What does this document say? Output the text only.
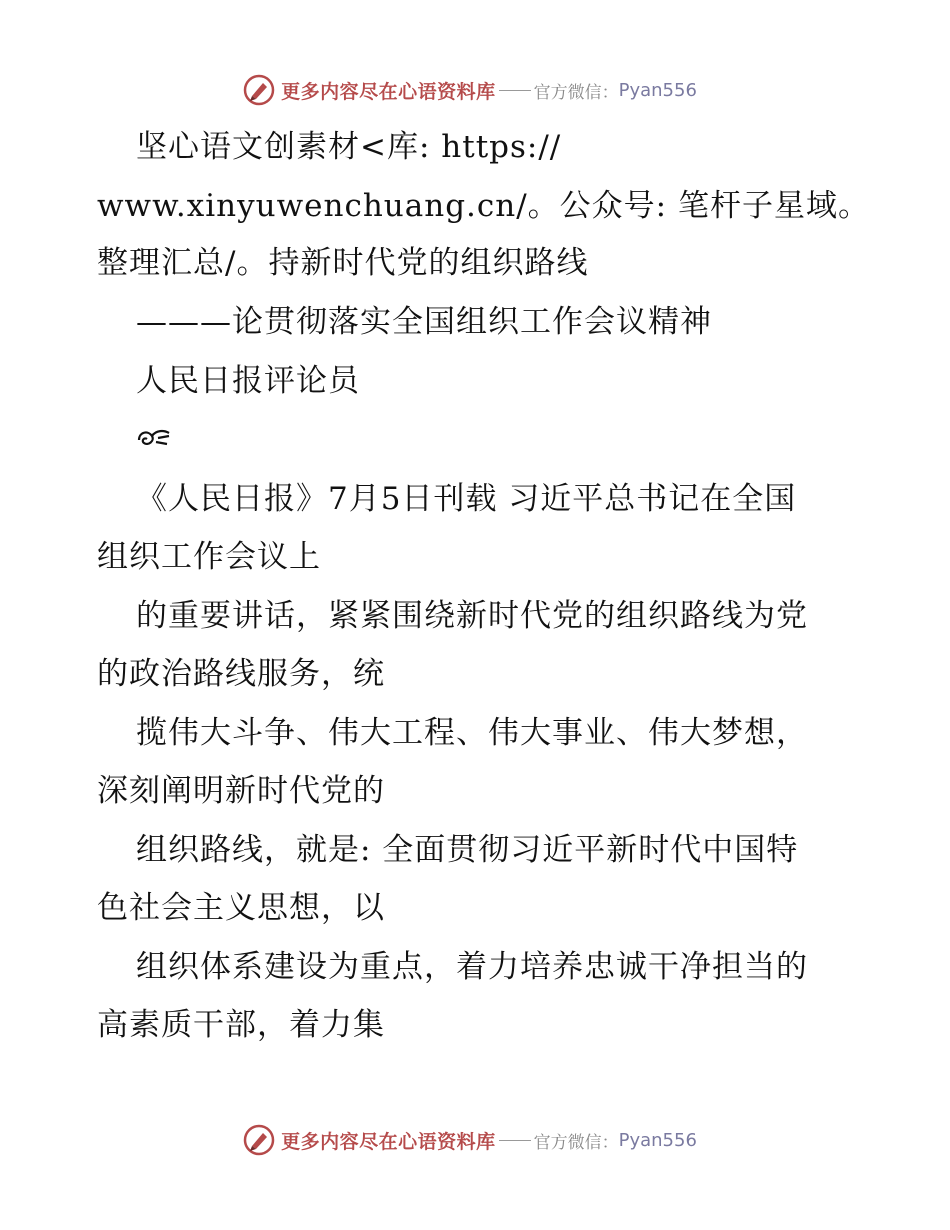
更多内容尽在心语资料库 官方微信： Pyan556
坚心语文创素材<库: https://
www.xinyuwenchuang.cn/。公众号: 笔杆子星域。
整理汇总/。持新时代党的组织路线
———论贯彻落实全国组织工作会议精神
人民日报评论员
《人民日报》7月5日刊载 习近平总书记在全国
组织工作会议上
的重要讲话，紧紧围绕新时代党的组织路线为党
的政治路线服务，统
揽伟大斗争、伟大工程、伟大事业、伟大梦想，
深刻阐明新时代党的
组织路线，就是: 全面贯彻习近平新时代中国特
色社会主义思想，以
组织体系建设为重点，着力培养忠诚干净担当的
高素质干部，着力集
更多内容尽在心语资料库 官方微信： Pyan556
